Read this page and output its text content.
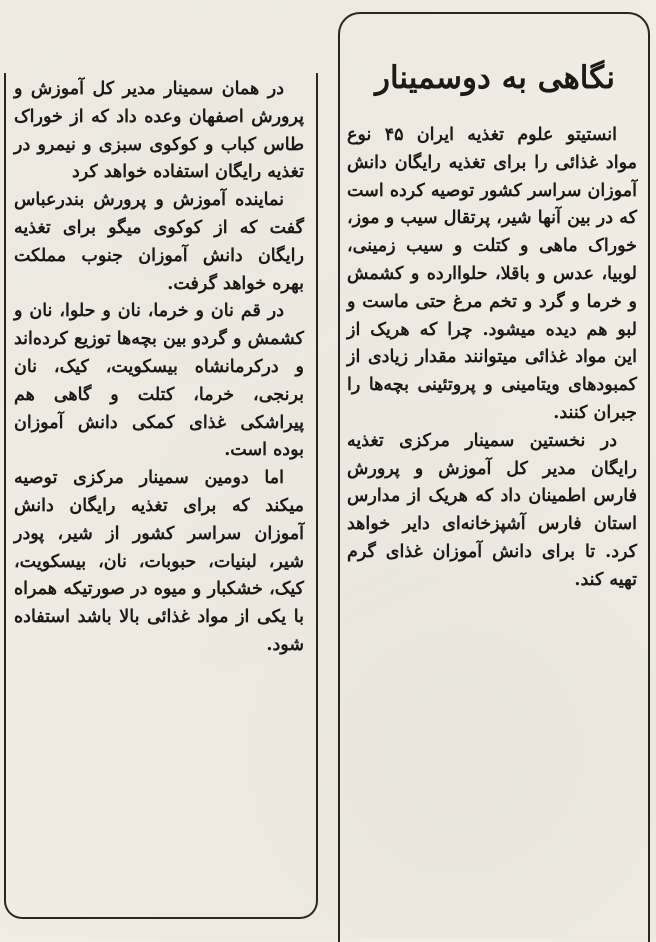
نگاهی به دوسمینار

انستیتو علوم تغذیه ایران ۴۵ نوع مواد غذائی را برای تغذیه رایگان دانش آموزان سراسر کشور توصیه کرده است که در بین آنها شیر، پرتقال سیب و موز، خوراک ماهی و کتلت و سیب زمینی، لوبیا، عدس و باقلا، حلواارده و کشمش و خرما و گرد و تخم مرغ حتی ماست و لبو هم دیده میشود. چرا که هریک از این مواد غذائی میتوانند مقدار زیادی از کمبودهای ویتامینی و پروتئینی بچه‌ها را جبران کنند.

در نخستین سمینار مرکزی تغذیه رایگان مدیر کل آموزش و پرورش فارس اطمینان داد که هریک از مدارس استان فارس آشپزخانه‌ای دایر خواهد کرد. تا برای دانش آموزان غذای گرم تهیه کند.

در همان سمینار مدیر کل آموزش و پرورش اصفهان وعده داد که از خوراک طاس کباب و کوکوی سبزی و نیمرو در تغذیه رایگان استفاده خواهد کرد

نماینده آموزش و پرورش بندرعباس گفت که از کوکوی میگو برای تغذیه رایگان دانش آموزان جنوب مملکت بهره خواهد گرفت.

در قم نان و خرما، نان و حلوا، نان و کشمش و گردو بین بچه‌ها توزیع کرده‌اند و درکرمانشاه بیسکویت، کیک، نان برنجی، خرما، کتلت و گاهی هم پیراشکی غذای کمکی دانش آموزان بوده است.

اما دومین سمینار مرکزی توصیه میکند که برای تغذیه رایگان دانش آموزان سراسر کشور از شیر، پودر شیر، لبنیات، حبوبات، نان، بیسکویت، کیک، خشکبار و میوه در صورتیکه همراه با یکی از مواد غذائی بالا باشد استفاده شود.
